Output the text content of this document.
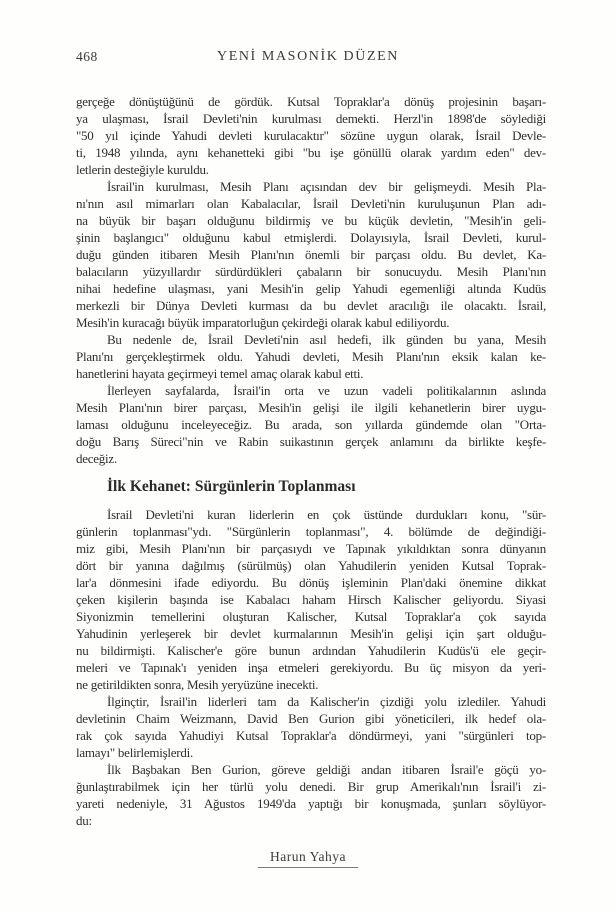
468	YENİ MASONİK DÜZEN
gerçeğe dönüştüğünü de gördük. Kutsal Topraklar'a dönüş projesinin başarı-
ya ulaşması, İsrail Devleti'nin kurulması demekti. Herzl'in 1898'de söylediği
"50 yıl içinde Yahudi devleti kurulacaktır" sözüne uygun olarak, İsrail Devle-
ti, 1948 yılında, aynı kehanetteki gibi "bu işe gönüllü olarak yardım eden" dev-
letlerin desteğiyle kuruldu.
İsrail'in kurulması, Mesih Planı açısından dev bir gelişmeydi. Mesih Pla-
nı'nın asıl mimarları olan Kabalacılar, İsrail Devleti'nin kuruluşunun Plan adı-
na büyük bir başarı olduğunu bildirmiş ve bu küçük devletin, "Mesih'in geli-
şinin başlangıcı" olduğunu kabul etmişlerdi. Dolayısıyla, İsrail Devleti, kurul-
duğu günden itibaren Mesih Planı'nın önemli bir parçası oldu. Bu devlet, Ka-
balacıların yüzyıllardır sürdürdükleri çabaların bir sonucuydu. Mesih Planı'nın
nihai hedefine ulaşması, yani Mesih'in gelip Yahudi egemenliği altında Kudüs
merkezli bir Dünya Devleti kurması da bu devlet aracılığı ile olacaktı. İsrail,
Mesih'in kuracağı büyük imparatorluğun çekirdeği olarak kabul ediliyordu.
Bu nedenle de, İsrail Devleti'nin asıl hedefi, ilk günden bu yana, Mesih
Planı'nı gerçekleştirmek oldu. Yahudi devleti, Mesih Planı'nın eksik kalan ke-
hanetlerini hayata geçirmeyi temel amaç olarak kabul etti.
İlerleyen sayfalarda, İsrail'in orta ve uzun vadeli politikalarının aslında
Mesih Planı'nın birer parçası, Mesih'in gelişi ile ilgili kehanetlerin birer uygu-
laması olduğunu inceleyeceğiz. Bu arada, son yıllarda gündemde olan "Orta-
doğu Barış Süreci"nin ve Rabin suikastının gerçek anlamını da birlikte keşfe-
deceğiz.
İlk Kehanet: Sürgünlerin Toplanması
İsrail Devleti'ni kuran liderlerin en çok üstünde durdukları konu, "sür-
günlerin toplanması"ydı. "Sürgünlerin toplanması", 4. bölümde de değindiği-
miz gibi, Mesih Planı'nın bir parçasıydı ve Tapınak yıkıldıktan sonra dünyanın
dört bir yanına dağılmış (sürülmüş) olan Yahudilerin yeniden Kutsal Toprak-
lar'a dönmesini ifade ediyordu. Bu dönüş işleminin Plan'daki önemine dikkat
çeken kişilerin başında ise Kabalacı haham Hirsch Kalischer geliyordu. Siyasi
Siyonizmin temellerini oluşturan Kalischer, Kutsal Topraklar'a çok sayıda
Yahudinin yerleşerek bir devlet kurmalarının Mesih'in gelişi için şart olduğu-
nu bildirmişti. Kalischer'e göre bunun ardından Yahudilerin Kudüs'ü ele geçir-
meleri ve Tapınak'ı yeniden inşa etmeleri gerekiyordu. Bu üç misyon da yeri-
ne getirildikten sonra, Mesih yeryüzüne inecekti.
İlginçtir, İsrail'in liderleri tam da Kalischer'in çizdiği yolu izlediler. Yahudi
devletinin Chaim Weizmann, David Ben Gurion gibi yöneticileri, ilk hedef ola-
rak çok sayıda Yahudiyi Kutsal Topraklar'a döndürmeyi, yani "sürgünleri top-
lamayı" belirlemişlerdi.
İlk Başbakan Ben Gurion, göreve geldiği andan itibaren İsrail'e göçü yo-
ğunlaştırabilmek için her türlü yolu denedi. Bir grup Amerikalı'nın İsrail'i zi-
yareti nedeniyle, 31 Ağustos 1949'da yaptığı bir konuşmada, şunları söylüyor-
du:
Harun Yahya
